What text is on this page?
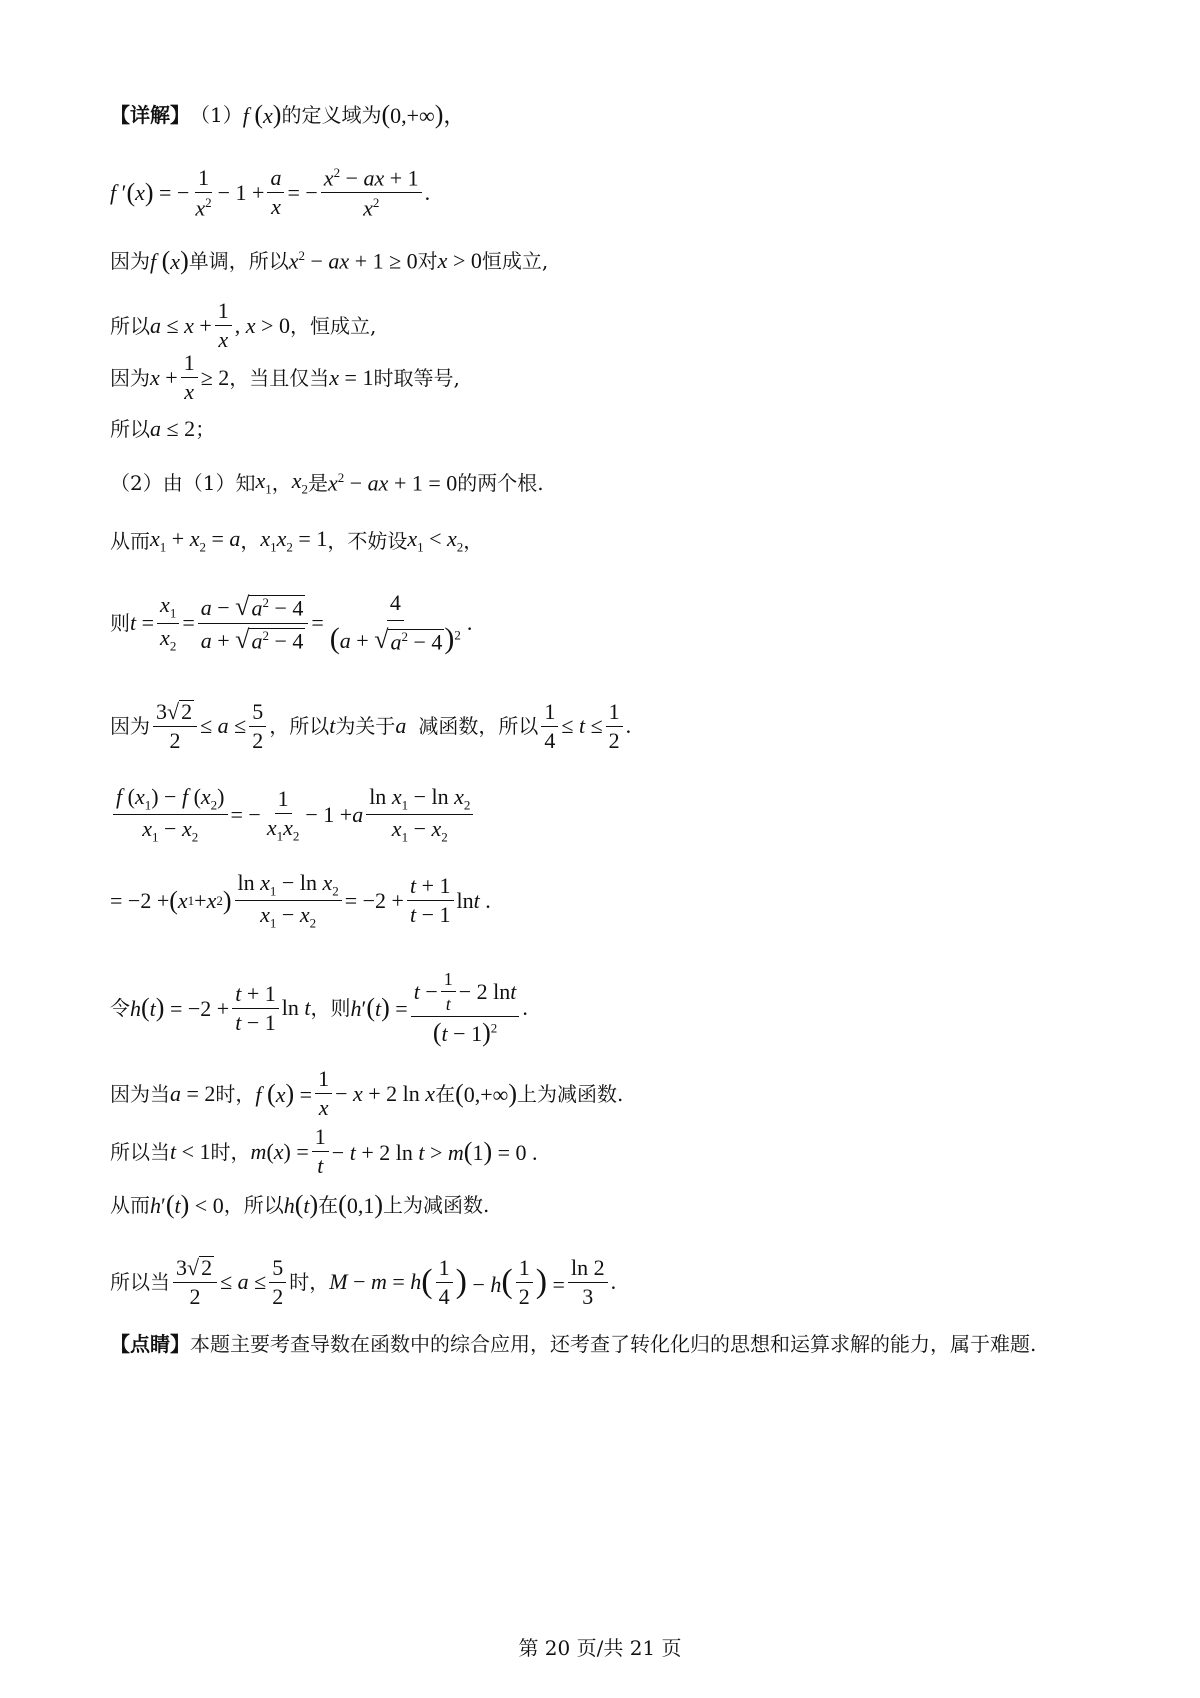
【详解】 （1） f (x) 的定义域为 (0,+∞)，
f ′ ( x ) = − $\frac{1}{x^2} - 1 + \frac{a}{x}$ = − $\frac{x^2 - ax + 1}{x^2}$ .
因为 f (x) 单调，所以 $x^2$ − ax + 1 ≥ 0 对 x > 0 恒成立,
所以 $a \le x + \frac{1}{x}$ , x > 0 ，恒成立,
因为 $x + \frac{1}{x} \ge 2$ ，当且仅当 x = 1 时取等号,
所以 a ≤ 2 ；
（2）由（1）知 $x_1$ ， $x_2$ 是 $x^2$ − ax + 1 = 0 的两个根.
从而 $x_1 + x_2 = a$ ， $x_1x_2 = 1$ ，不妨设 $x_1 < x_2$ ，
则 $t = \frac{x_1}{x_2} = \frac{a - √ a^2 - 4}{a + √ a^2 - 4} = \frac{4}{(a + √ a^2 - 4 )^2}$ .
因为 $\frac{3 √ 2}{2} \le a \le \frac{5}{2}$ ，所以 t 为关于 a 减函数，所以 $\frac{1}{4} \le t \le \frac{1}{2}$ .
$\frac{f (x_1) - f (x_2)}{x_1 - x_2}$ = − $\frac{1}{x_1x_2} - 1 + a \frac{\ln x_1 - \ln x_2}{x_1 - x_2}$
= −2 + ( x 1 + x 2 ) $\frac{\ln x_1 - \ln x_2}{x_1 - x_2} = -2 + \frac{t + 1}{t - 1}$ ln t .
令 $h(t) = -2 + \frac{t + 1}{t - 1}$ ln t ，则 $h'(t) = \frac{t - \frac{1}{t} - 2 \ln t}{(t - 1)^2}$ .
因为当 a = 2 时， f $(x) = \frac{1}{x} - x + 2$ ln x 在 (0,+∞) 上为减函数.
所以当 t < 1 时， $m(x) = \frac{1}{t} - t + 2$ ln t > m(1) = 0 .
从而 h′(t) < 0 ，所以 h(t) 在 (0,1) 上为减函数.
所以当 $\frac{3 √ 2}{2} \le a \le \frac{5}{2}$ 时， M − m = h ( $\frac{1}{4}$ ) − h ( $\frac{1}{2}$ ) = $\frac{\ln 2}{3}$ .
【点睛】 本题主要考查导数在函数中的综合应用，还考查了转化化归的思想和运算求解的能力，属于难题.
第 20 页/共 21 页
